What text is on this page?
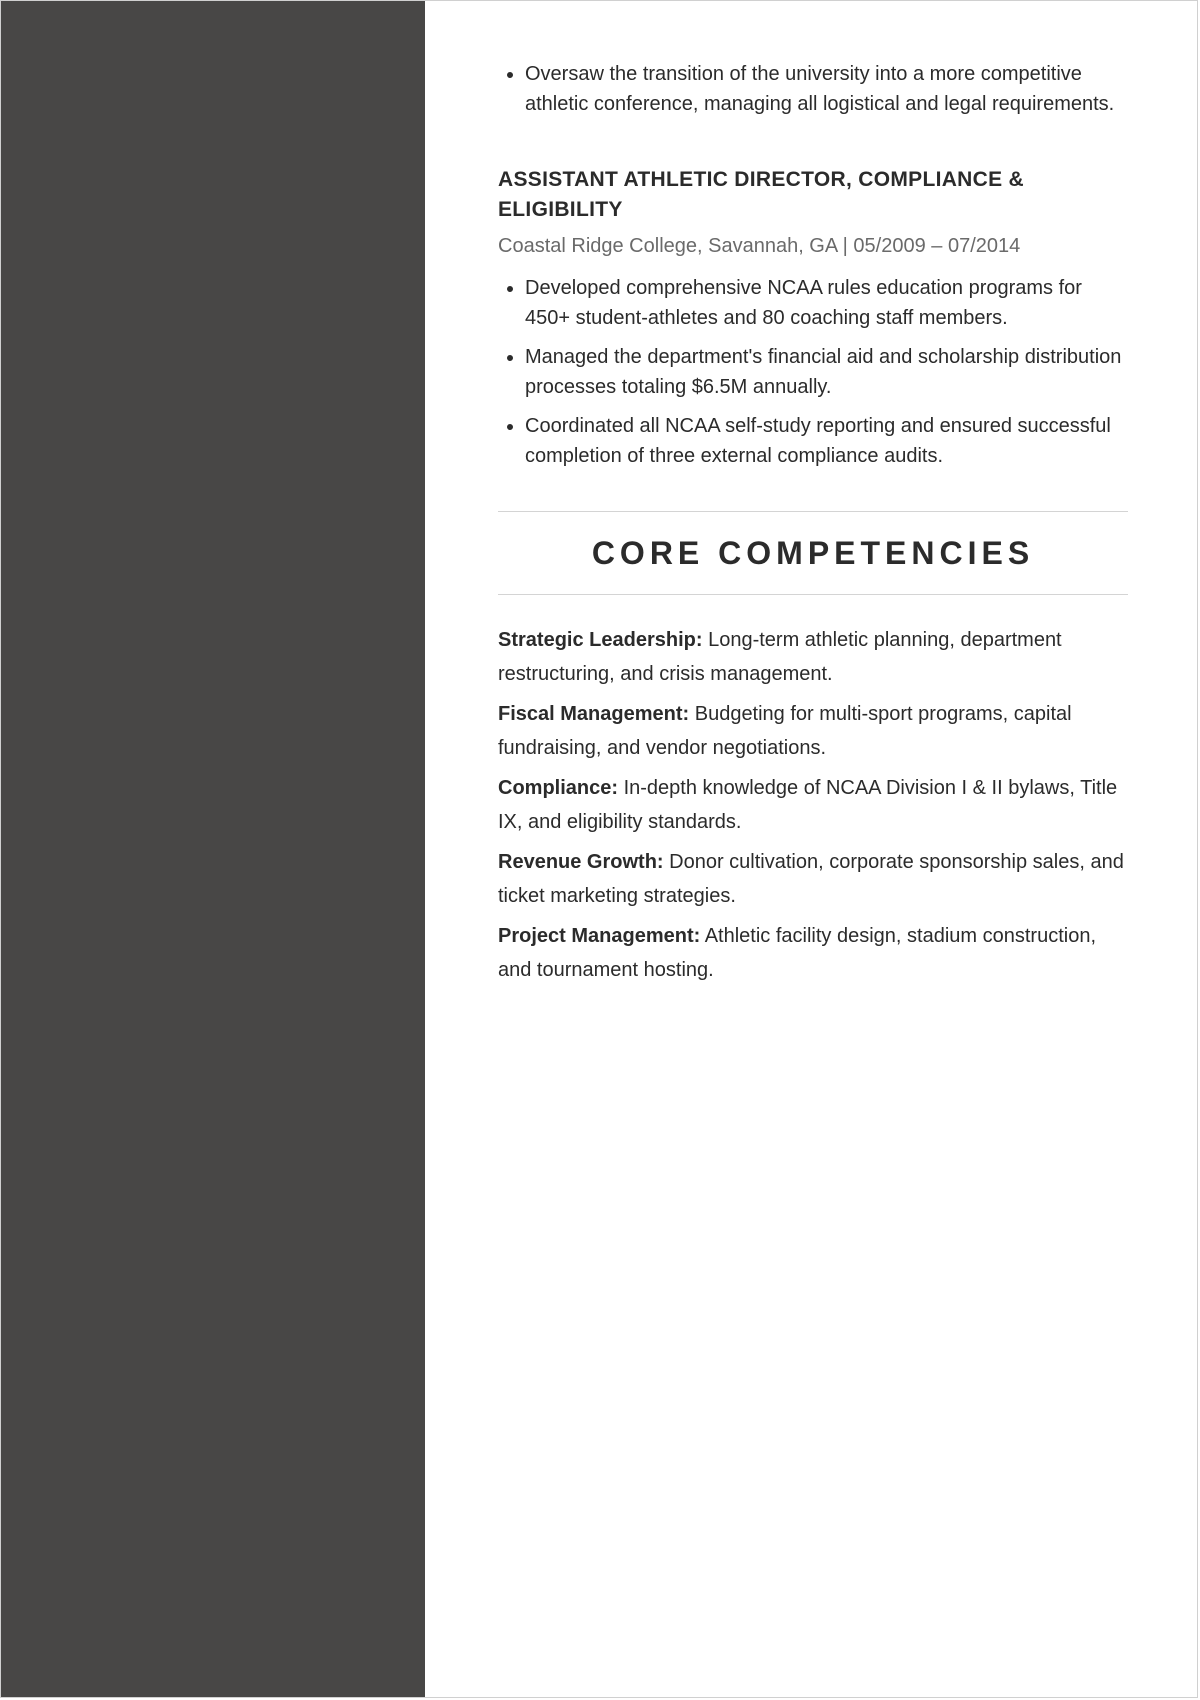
• Oversaw the transition of the university into a more competitive athletic conference, managing all logistical and legal requirements.
ASSISTANT ATHLETIC DIRECTOR, COMPLIANCE & ELIGIBILITY
Coastal Ridge College, Savannah, GA | 05/2009 – 07/2014
• Developed comprehensive NCAA rules education programs for 450+ student-athletes and 80 coaching staff members.
• Managed the department's financial aid and scholarship distribution processes totaling $6.5M annually.
• Coordinated all NCAA self-study reporting and ensured successful completion of three external compliance audits.
CORE COMPETENCIES

Strategic Leadership: Long-term athletic planning, department restructuring, and crisis management.

Fiscal Management: Budgeting for multi-sport programs, capital fundraising, and vendor negotiations.

Compliance: In-depth knowledge of NCAA Division I & II bylaws, Title IX, and eligibility standards.

Revenue Growth: Donor cultivation, corporate sponsorship sales, and ticket marketing strategies.

Project Management: Athletic facility design, stadium construction, and tournament hosting.
